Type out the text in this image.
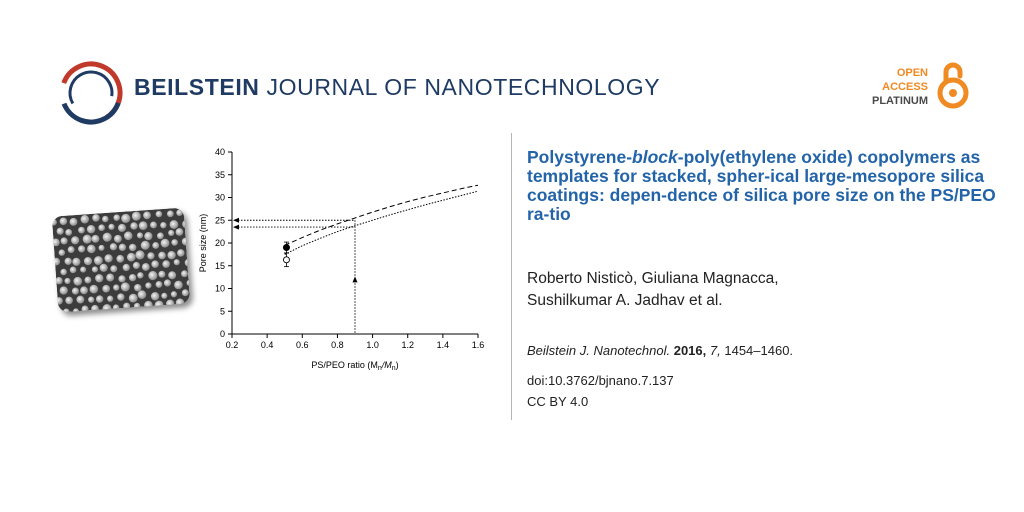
BEILSTEIN JOURNAL OF NANOTECHNOLOGY
OPEN
ACCESS
PLATINUM
0.2	0.4	0.6	0.8	1.0	1.2	1.4	1.6
0
5
10
15
20
25
30
35
40
Pore size (nm)
PS/PEO ratio $(M_n/M_n)$
Polystyrene-block-poly(ethylene oxide) copolymers as templates for stacked, spher-ical large-mesopore silica coatings: depen-dence of silica pore size on the PS/PEO ra-tio
Roberto Nisticò, Giuliana Magnacca,
Sushilkumar A. Jadhav et al.
Beilstein J. Nanotechnol. 2016, 7, 1454–1460.
doi:10.3762/bjnano.7.137
CC BY 4.0
